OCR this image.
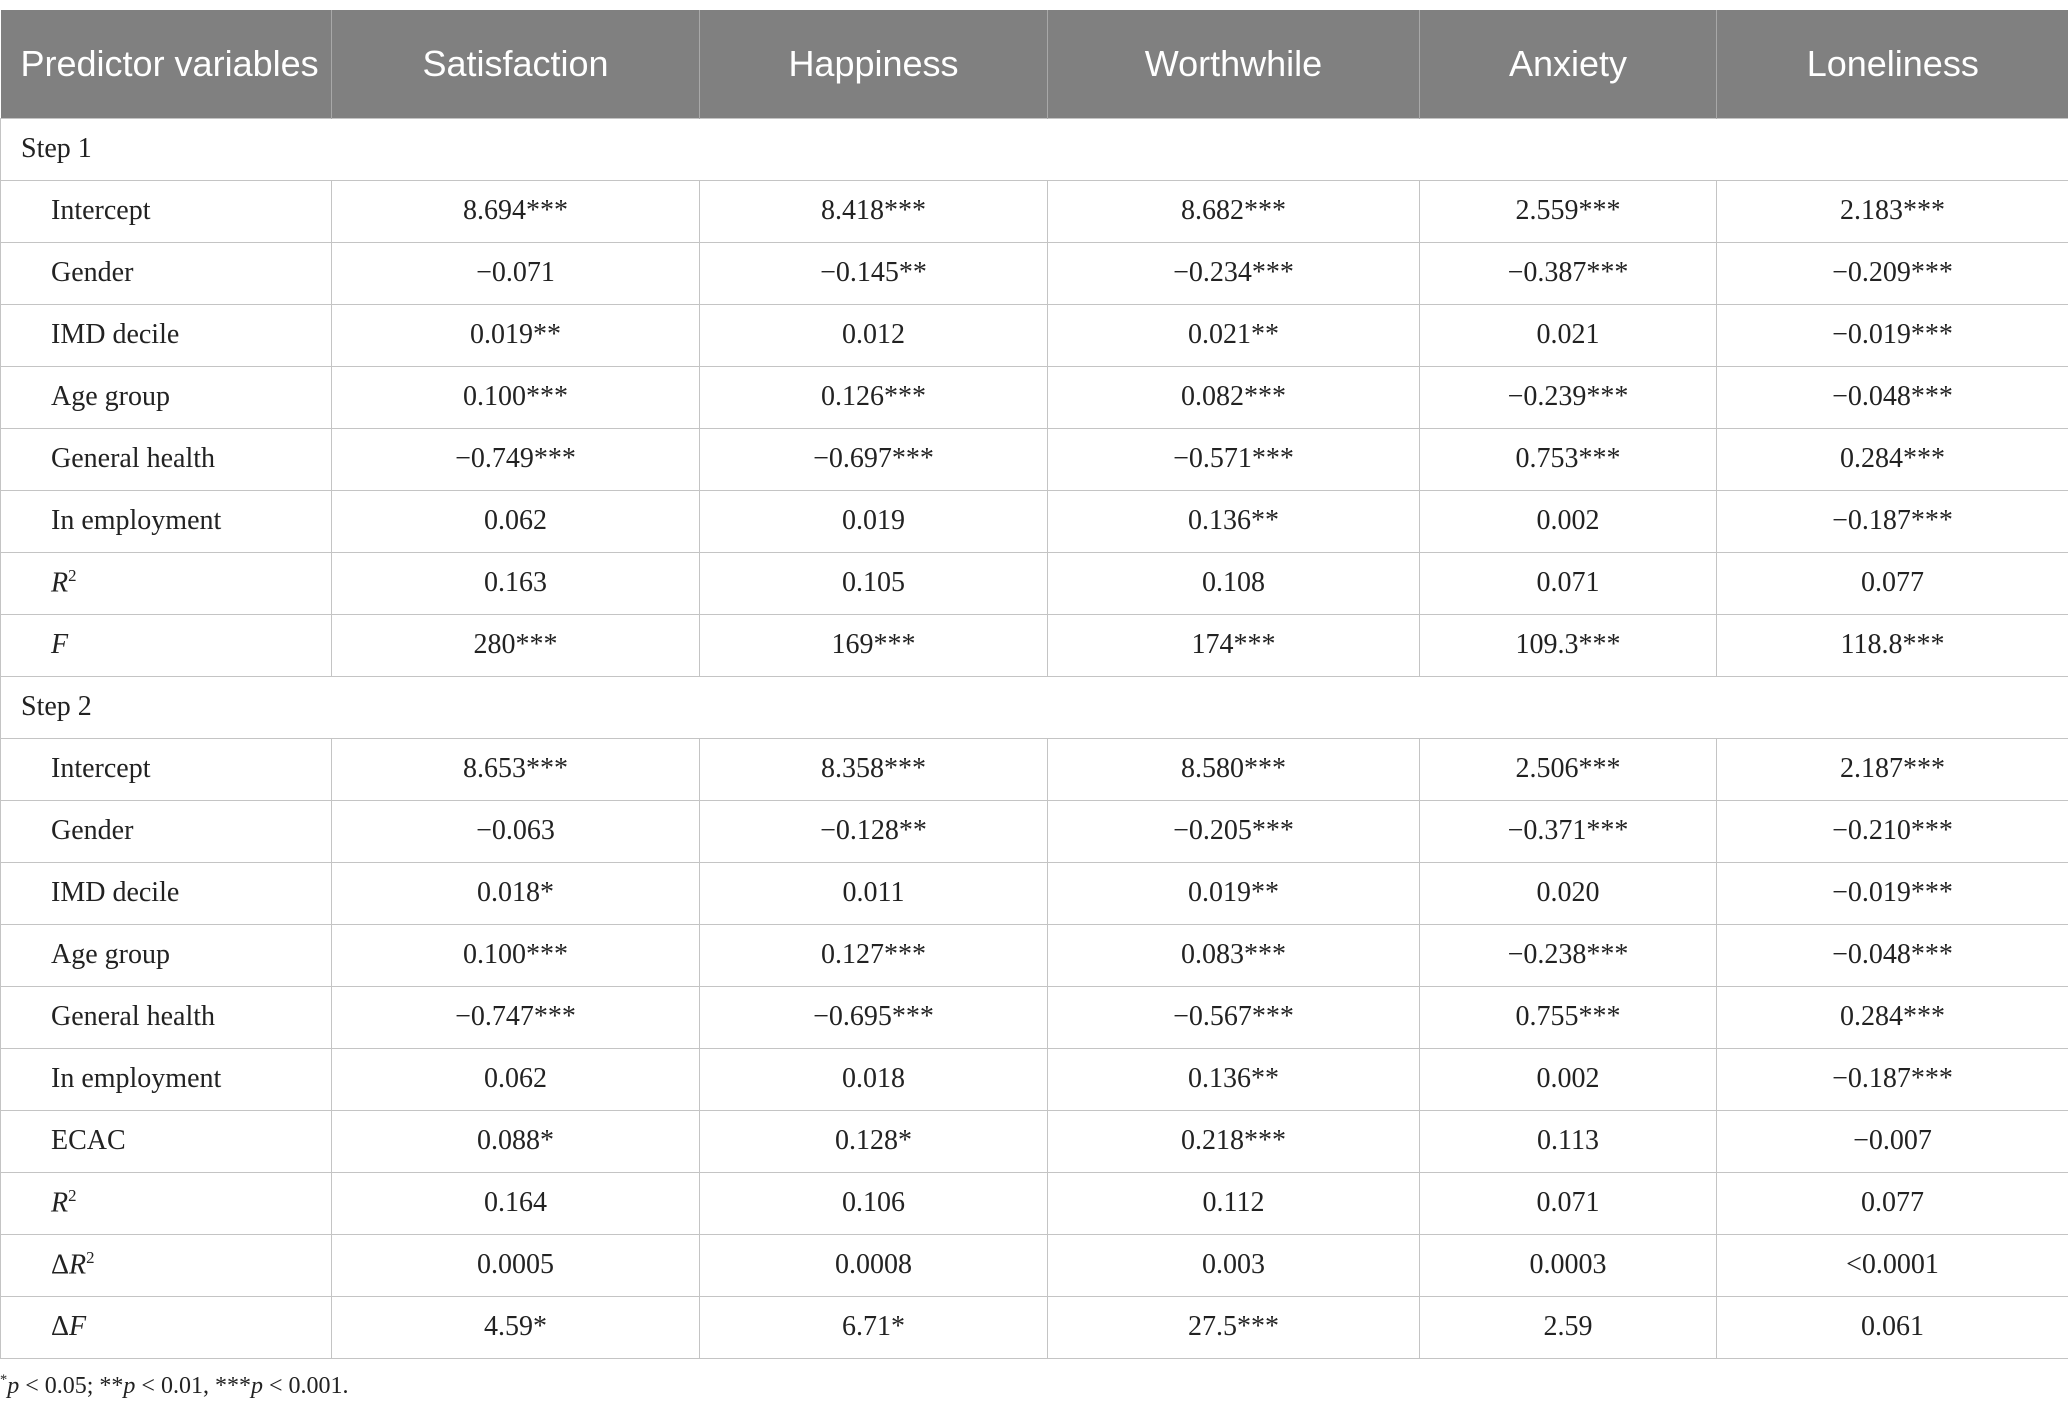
Predictor variables	Satisfaction	Happiness	Worthwhile	Anxiety	Loneliness
Step 1					
Intercept	8.694***	8.418***	8.682***	2.559***	2.183***
Gender	−0.071	−0.145**	−0.234***	−0.387***	−0.209***
IMD decile	0.019**	0.012	0.021**	0.021	−0.019***
Age group	0.100***	0.126***	0.082***	−0.239***	−0.048***
General health	−0.749***	−0.697***	−0.571***	0.753***	0.284***
In employment	0.062	0.019	0.136**	0.002	−0.187***
$R^2$	0.163	0.105	0.108	0.071	0.077
F	280***	169***	174***	109.3***	118.8***
Step 2					
Intercept	8.653***	8.358***	8.580***	2.506***	2.187***
Gender	−0.063	−0.128**	−0.205***	−0.371***	−0.210***
IMD decile	0.018*	0.011	0.019**	0.020	−0.019***
Age group	0.100***	0.127***	0.083***	−0.238***	−0.048***
General health	−0.747***	−0.695***	−0.567***	0.755***	0.284***
In employment	0.062	0.018	0.136**	0.002	−0.187***
ECAC	0.088*	0.128*	0.218***	0.113	−0.007
$R^2$	0.164	0.106	0.112	0.071	0.077
$\Delta R^2$	0.0005	0.0008	0.003	0.0003	<0.0001
ΔF	4.59*	6.71*	27.5***	2.59	0.061

*p < 0.05; **p < 0.01, ***p < 0.001.
